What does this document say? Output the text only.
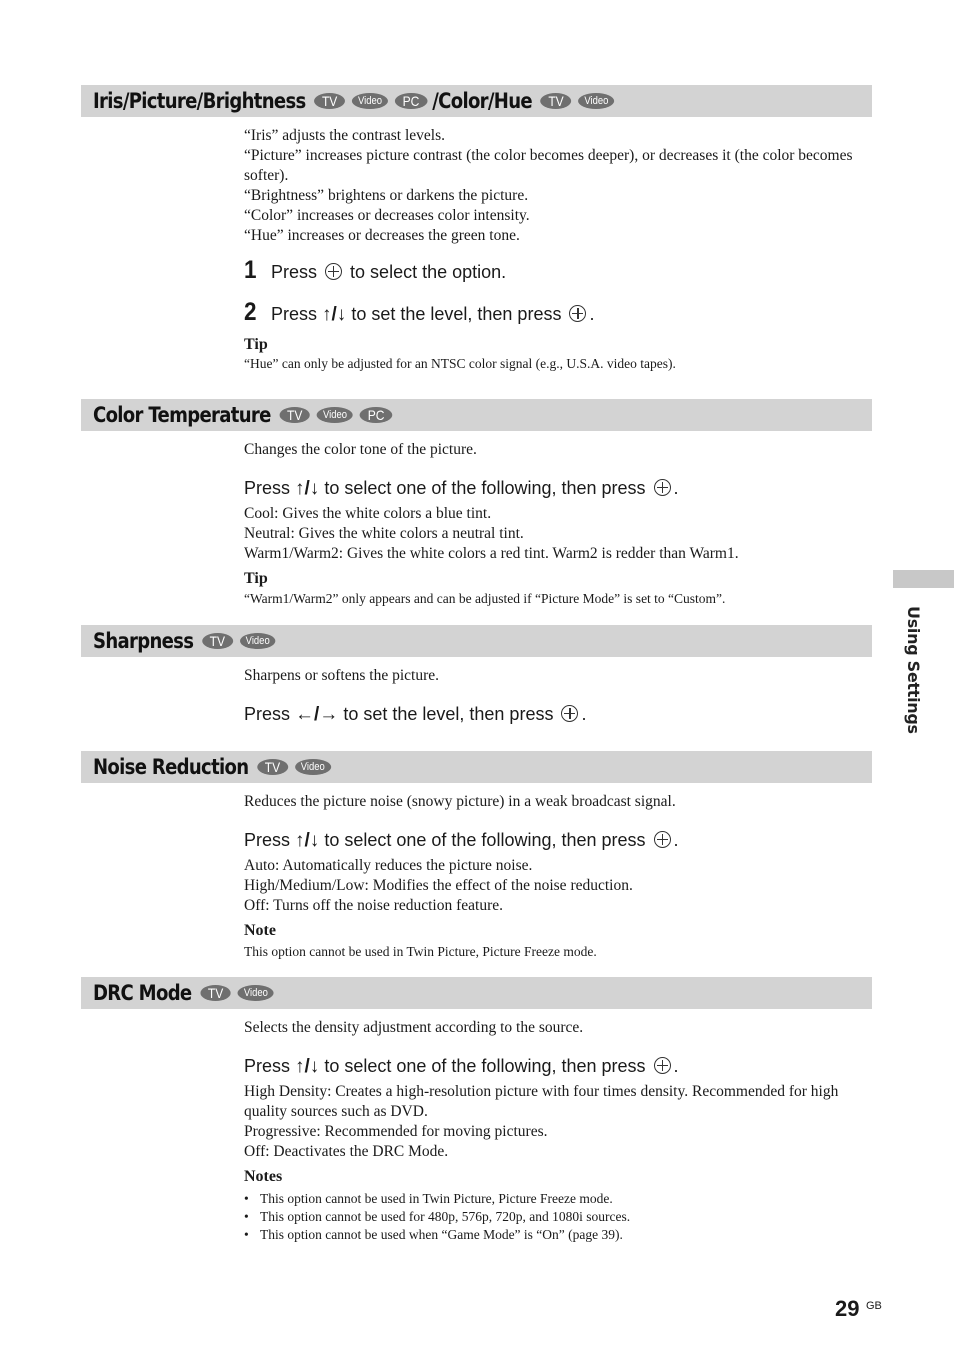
Iris/Picture/Brightness	TV	Video	PC /Color/Hue	TV	Video

“Iris” adjusts the contrast levels.

“Picture” increases picture contrast (the color becomes deeper), or decreases it (the color becomes softer).

“Brightness” brightens or darkens the picture.

“Color” increases or decreases color intensity.

“Hue” increases or decreases the green tone.

1 Press to select the option.
2 Press ↑/↓ to set the level, then press .

Tip

“Hue” can only be adjusted for an NTSC color signal (e.g., U.S.A. video tapes).

Color Temperature	TV	Video	PC

Changes the color tone of the picture.

Press ↑/↓ to select one of the following, then press .

Cool: Gives the white colors a blue tint.

Neutral: Gives the white colors a neutral tint.

Warm1/Warm2: Gives the white colors a red tint. Warm2 is redder than Warm1.

Tip

“Warm1/Warm2” only appears and can be adjusted if “Picture Mode” is set to “Custom”.

Sharpness	TV	Video

Sharpens or softens the picture.

Press ←/→ to set the level, then press .

Noise Reduction	TV	Video

Reduces the picture noise (snowy picture) in a weak broadcast signal.

Press ↑/↓ to select one of the following, then press .

Auto: Automatically reduces the picture noise.

High/Medium/Low: Modifies the effect of the noise reduction.

Off: Turns off the noise reduction feature.

Note

This option cannot be used in Twin Picture, Picture Freeze mode.

DRC Mode	TV	Video

Selects the density adjustment according to the source.

Press ↑/↓ to select one of the following, then press .

High Density: Creates a high-resolution picture with four times density. Recommended for high quality sources such as DVD.

Progressive: Recommended for moving pictures.

Off: Deactivates the DRC Mode.

Notes

• This option cannot be used in Twin Picture, Picture Freeze mode.
• This option cannot be used for 480p, 576p, 720p, and 1080i sources.
• This option cannot be used when “Game Mode” is “On” (page 39).
Using Settings
29 GB
